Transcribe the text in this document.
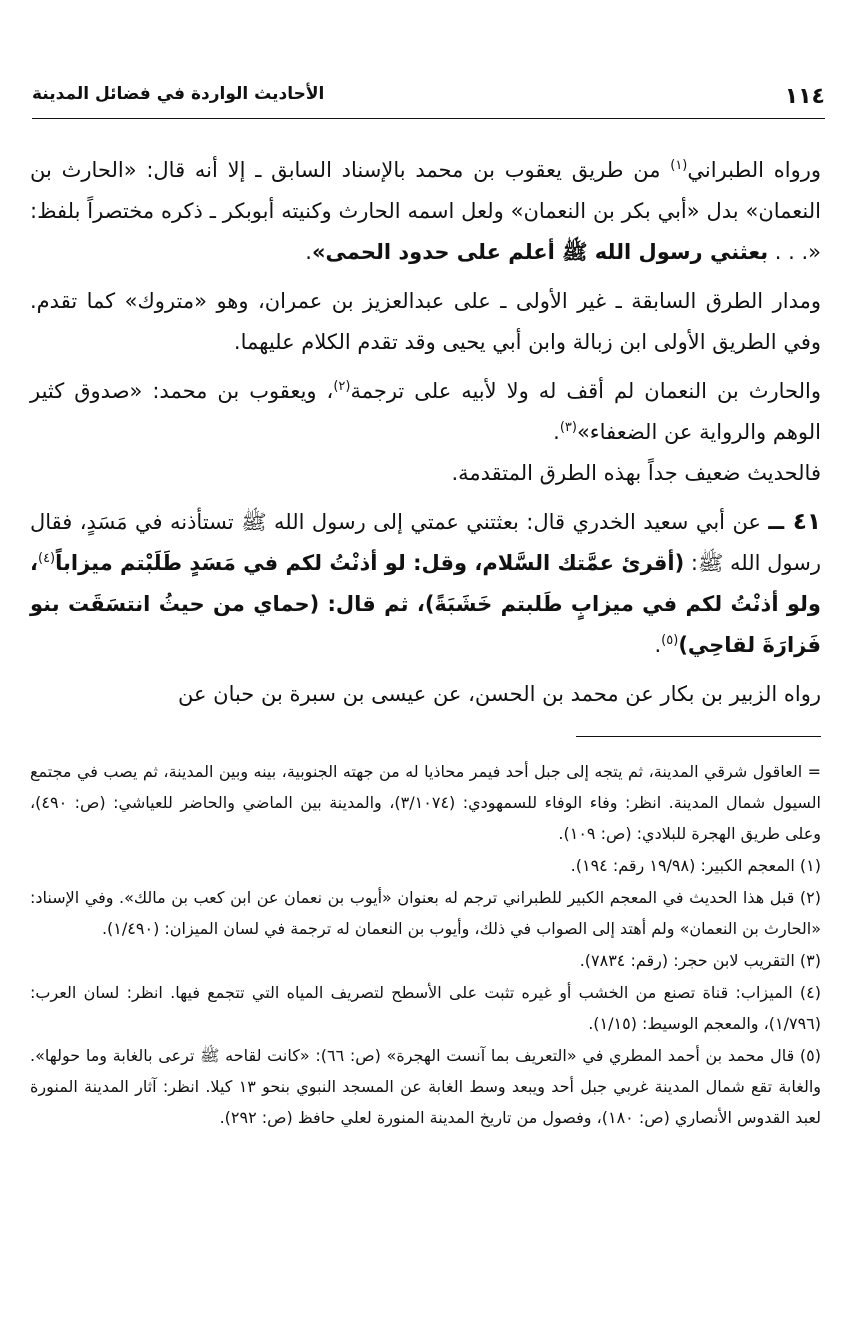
١١٤
الأحاديث الواردة في فضائل المدينة

ورواه الطبراني$^{(١)}$ من طريق يعقوب بن محمد بالإسناد السابق ـ إلا أنه قال: «الحارث بن النعمان» بدل «أبي بكر بن النعمان» ولعل اسمه الحارث وكنيته أبوبكر ـ ذكره مختصراً بلفظ: «. . . بعثني رسول الله ﷺ أعلم على حدود الحمى».

ومدار الطرق السابقة ـ غير الأولى ـ على عبدالعزيز بن عمران، وهو «متروك» كما تقدم. وفي الطريق الأولى ابن زبالة وابن أبي يحيى وقد تقدم الكلام عليهما.

والحارث بن النعمان لم أقف له ولا لأبيه على ترجمة$^{(٢)}$، ويعقوب بن محمد: «صدوق كثير الوهم والرواية عن الضعفاء»$^{(٣)}$.

فالحديث ضعيف جداً بهذه الطرق المتقدمة.

٤١ ــ عن أبي سعيد الخدري قال: بعثتني عمتي إلى رسول الله ﷺ تستأذنه في مَسَدٍ، فقال رسول الله ﷺ: (أقرئ عمَّتك السَّلام، وقل: لو أذنْتُ لكم في مَسَدٍ طَلَبْتم ميزاباً$^{(٤)}$، ولو أذنْتُ لكم في ميزابٍ طَلبتم خَشَبَةً)، ثم قال: (حماي من حيثُ انتسَقَت بنو فَزارَةَ لقاحِي)$^{(٥)}$.

رواه الزبير بن بكار عن محمد بن الحسن، عن عيسى بن سبرة بن حبان عن

= العاقول شرقي المدينة، ثم يتجه إلى جبل أحد فيمر محاذيا له من جهته الجنوبية، بينه وبين المدينة، ثم يصب في مجتمع السيول شمال المدينة. انظر: وفاء الوفاء للسمهودي: (٣/١٠٧٤)، والمدينة بين الماضي والحاضر للعياشي: (ص: ٤٩٠)، وعلى طريق الهجرة للبلادي: (ص: ١٠٩).

(١) المعجم الكبير: (١٩/٩٨ رقم: ١٩٤).

(٢) قبل هذا الحديث في المعجم الكبير للطبراني ترجم له بعنوان «أيوب بن نعمان عن ابن كعب بن مالك». وفي الإسناد: «الحارث بن النعمان» ولم أهتد إلى الصواب في ذلك، وأيوب بن النعمان له ترجمة في لسان الميزان: (١/٤٩٠).

(٣) التقريب لابن حجر: (رقم: ٧٨٣٤).

(٤) الميزاب: قناة تصنع من الخشب أو غيره تثبت على الأسطح لتصريف المياه التي تتجمع فيها. انظر: لسان العرب: (١/٧٩٦)، والمعجم الوسيط: (١/١٥).

(٥) قال محمد بن أحمد المطري في «التعريف بما آنست الهجرة» (ص: ٦٦): «كانت لقاحه ﷺ ترعى بالغابة وما حولها». والغابة تقع شمال المدينة غربي جبل أحد ويبعد وسط الغابة عن المسجد النبوي بنحو ١٣ كيلا. انظر: آثار المدينة المنورة لعبد القدوس الأنصاري (ص: ١٨٠)، وفصول من تاريخ المدينة المنورة لعلي حافظ (ص: ٢٩٢).
